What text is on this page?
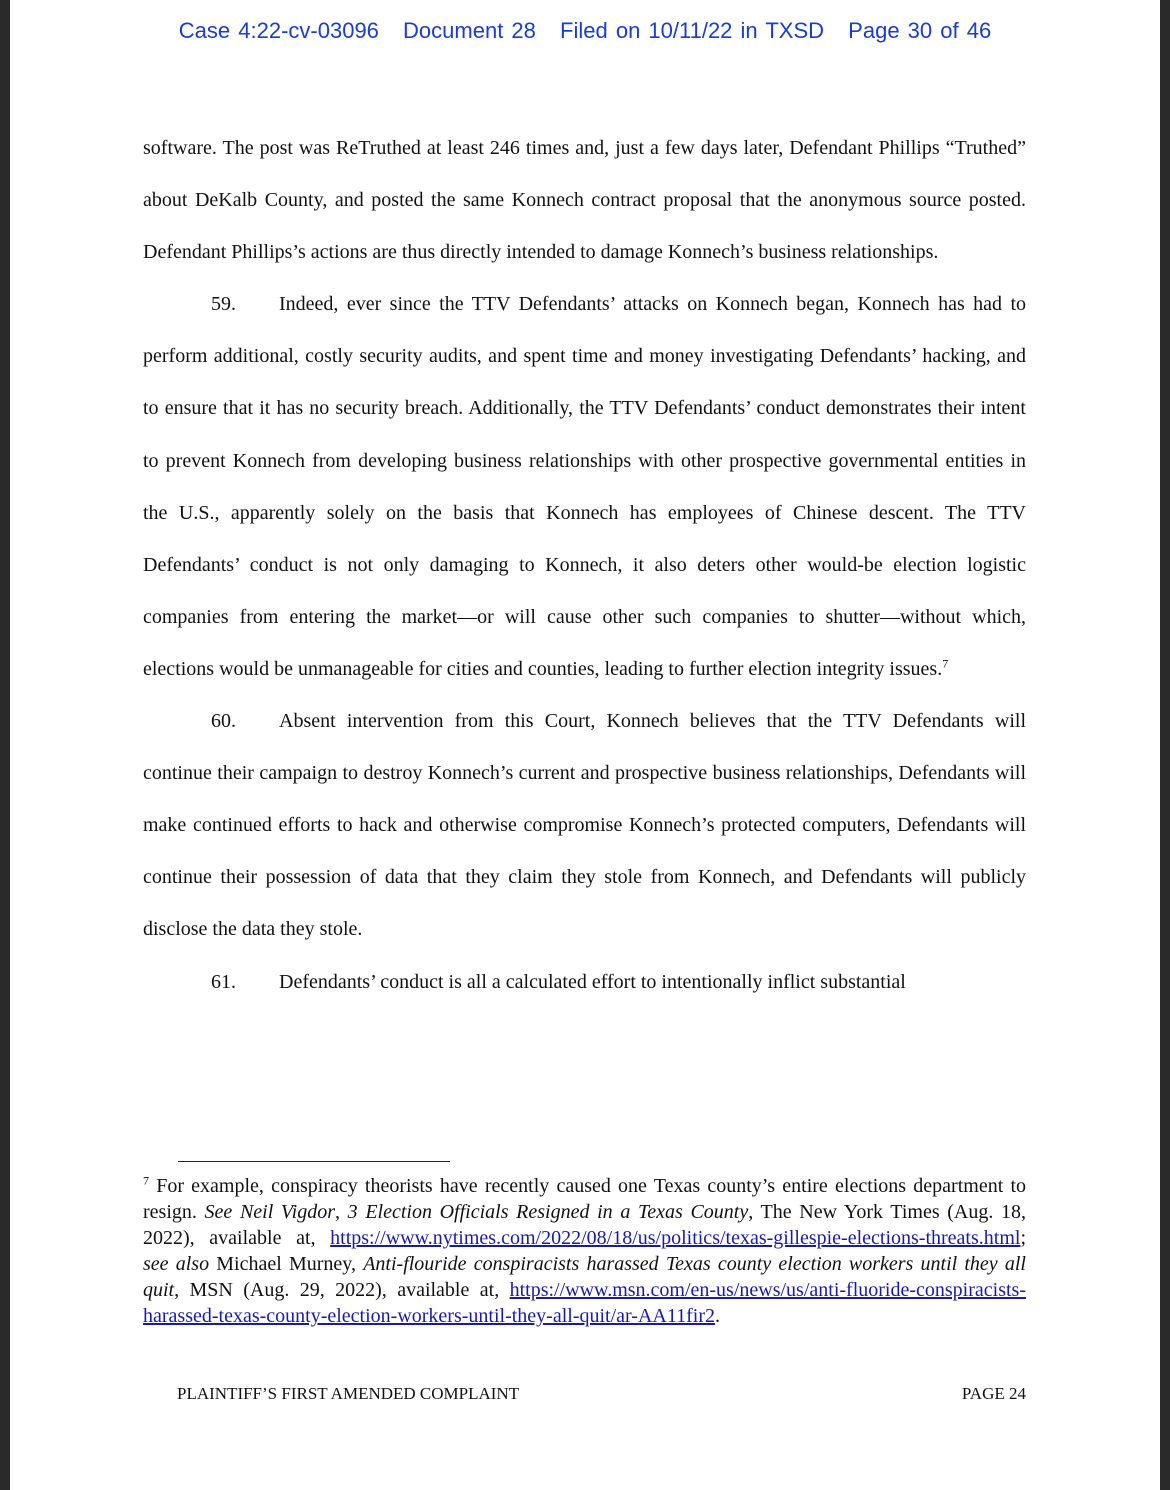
Case 4:22-cv-03096 Document 28 Filed on 10/11/22 in TXSD Page 30 of 46

software. The post was ReTruthed at least 246 times and, just a few days later, Defendant Phillips “Truthed” about DeKalb County, and posted the same Konnech contract proposal that the anonymous source posted. Defendant Phillips’s actions are thus directly intended to damage Konnech’s business relationships.

59. Indeed, ever since the TTV Defendants’ attacks on Konnech began, Konnech has had to perform additional, costly security audits, and spent time and money investigating Defendants’ hacking, and to ensure that it has no security breach. Additionally, the TTV Defendants’ conduct demonstrates their intent to prevent Konnech from developing business relationships with other prospective governmental entities in the U.S., apparently solely on the basis that Konnech has employees of Chinese descent. The TTV Defendants’ conduct is not only damaging to Konnech, it also deters other would-be election logistic companies from entering the market—or will cause other such companies to shutter—without which, elections would be unmanageable for cities and counties, leading to further election integrity issues.$^7$

60. Absent intervention from this Court, Konnech believes that the TTV Defendants will continue their campaign to destroy Konnech’s current and prospective business relationships, Defendants will make continued efforts to hack and otherwise compromise Konnech’s protected computers, Defendants will continue their possession of data that they claim they stole from Konnech, and Defendants will publicly disclose the data they stole.

61. Defendants’ conduct is all a calculated effort to intentionally inflict substantial

$^7$ For example, conspiracy theorists have recently caused one Texas county’s entire elections department to resign. See Neil Vigdor, 3 Election Officials Resigned in a Texas County, The New York Times (Aug. 18, 2022), available at, https://www.nytimes.com/2022/08/18/us/politics/texas-gillespie-elections-threats.html; see also Michael Murney, Anti-flouride conspiracists harassed Texas county election workers until they all quit, MSN (Aug. 29, 2022), available at, https://www.msn.com/en-us/news/us/anti-fluoride-conspiracists-harassed-texas-county-election-workers-until-they-all-quit/ar-AA11fir2.

PLAINTIFF’S FIRST AMENDED COMPLAINT	PAGE 24
